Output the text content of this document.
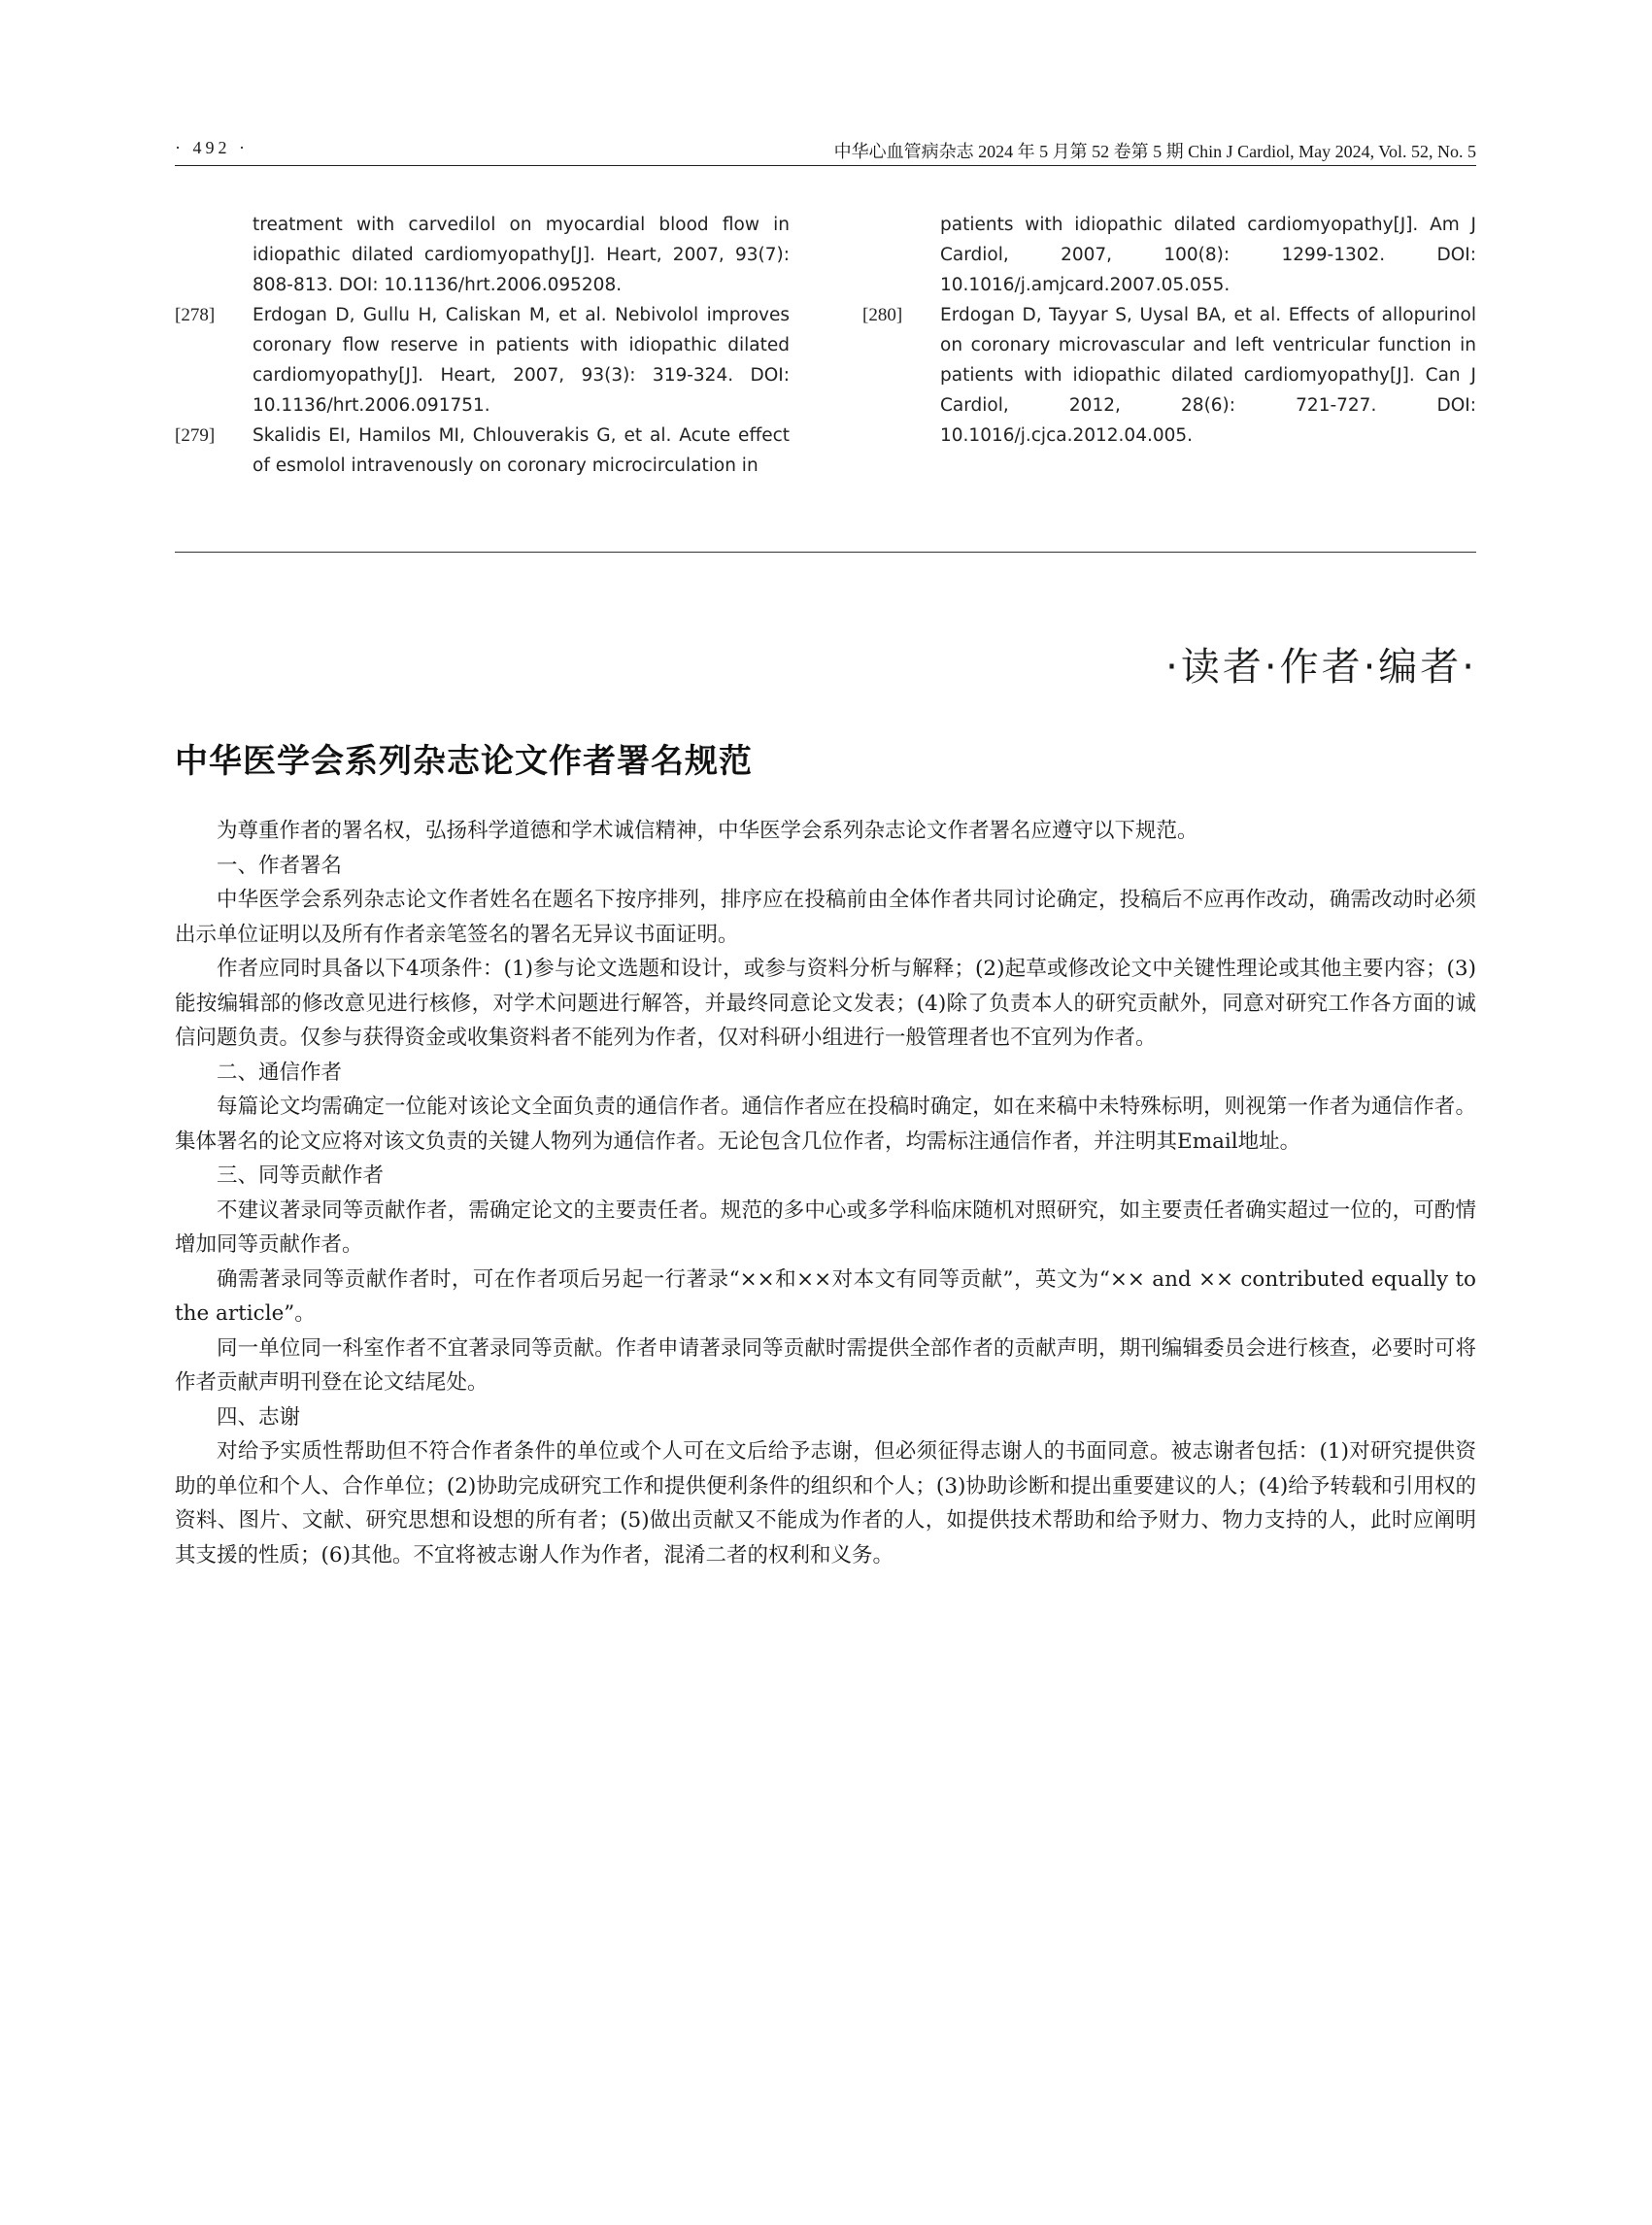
· 492 ·	中华心血管病杂志 2024 年 5 月第 52 卷第 5 期 Chin J Cardiol, May 2024, Vol. 52, No. 5
treatment with carvedilol on myocardial blood flow in idiopathic dilated cardiomyopathy[J]. Heart, 2007, 93(7): 808-813. DOI: 10.1136/hrt.2006.095208.
[278] Erdogan D, Gullu H, Caliskan M, et al. Nebivolol improves coronary flow reserve in patients with idiopathic dilated cardiomyopathy[J]. Heart, 2007, 93(3): 319-324. DOI: 10.1136/hrt.2006.091751.
[279] Skalidis EI, Hamilos MI, Chlouverakis G, et al. Acute effect of esmolol intravenously on coronary microcirculation in
patients with idiopathic dilated cardiomyopathy[J]. Am J Cardiol, 2007, 100(8): 1299-1302. DOI: 10.1016/j.amjcard.2007.05.055.
[280] Erdogan D, Tayyar S, Uysal BA, et al. Effects of allopurinol on coronary microvascular and left ventricular function in patients with idiopathic dilated cardiomyopathy[J]. Can J Cardiol, 2012, 28(6): 721-727. DOI: 10.1016/j.cjca.2012.04.005.
·读者·作者·编者·
中华医学会系列杂志论文作者署名规范

为尊重作者的署名权，弘扬科学道德和学术诚信精神，中华医学会系列杂志论文作者署名应遵守以下规范。

一、作者署名

中华医学会系列杂志论文作者姓名在题名下按序排列，排序应在投稿前由全体作者共同讨论确定，投稿后不应再作改动，确需改动时必须出示单位证明以及所有作者亲笔签名的署名无异议书面证明。

作者应同时具备以下4项条件：(1)参与论文选题和设计，或参与资料分析与解释；(2)起草或修改论文中关键性理论或其他主要内容；(3)能按编辑部的修改意见进行核修，对学术问题进行解答，并最终同意论文发表；(4)除了负责本人的研究贡献外，同意对研究工作各方面的诚信问题负责。仅参与获得资金或收集资料者不能列为作者，仅对科研小组进行一般管理者也不宜列为作者。

二、通信作者

每篇论文均需确定一位能对该论文全面负责的通信作者。通信作者应在投稿时确定，如在来稿中未特殊标明，则视第一作者为通信作者。集体署名的论文应将对该文负责的关键人物列为通信作者。无论包含几位作者，均需标注通信作者，并注明其Email地址。

三、同等贡献作者

不建议著录同等贡献作者，需确定论文的主要责任者。规范的多中心或多学科临床随机对照研究，如主要责任者确实超过一位的，可酌情增加同等贡献作者。

确需著录同等贡献作者时，可在作者项后另起一行著录“××和××对本文有同等贡献”，英文为“×× and ×× contributed equally to the article”。

同一单位同一科室作者不宜著录同等贡献。作者申请著录同等贡献时需提供全部作者的贡献声明，期刊编辑委员会进行核查，必要时可将作者贡献声明刊登在论文结尾处。

四、志谢

对给予实质性帮助但不符合作者条件的单位或个人可在文后给予志谢，但必须征得志谢人的书面同意。被志谢者包括：(1)对研究提供资助的单位和个人、合作单位；(2)协助完成研究工作和提供便利条件的组织和个人；(3)协助诊断和提出重要建议的人；(4)给予转载和引用权的资料、图片、文献、研究思想和设想的所有者；(5)做出贡献又不能成为作者的人，如提供技术帮助和给予财力、物力支持的人，此时应阐明其支援的性质；(6)其他。不宜将被志谢人作为作者，混淆二者的权利和义务。
